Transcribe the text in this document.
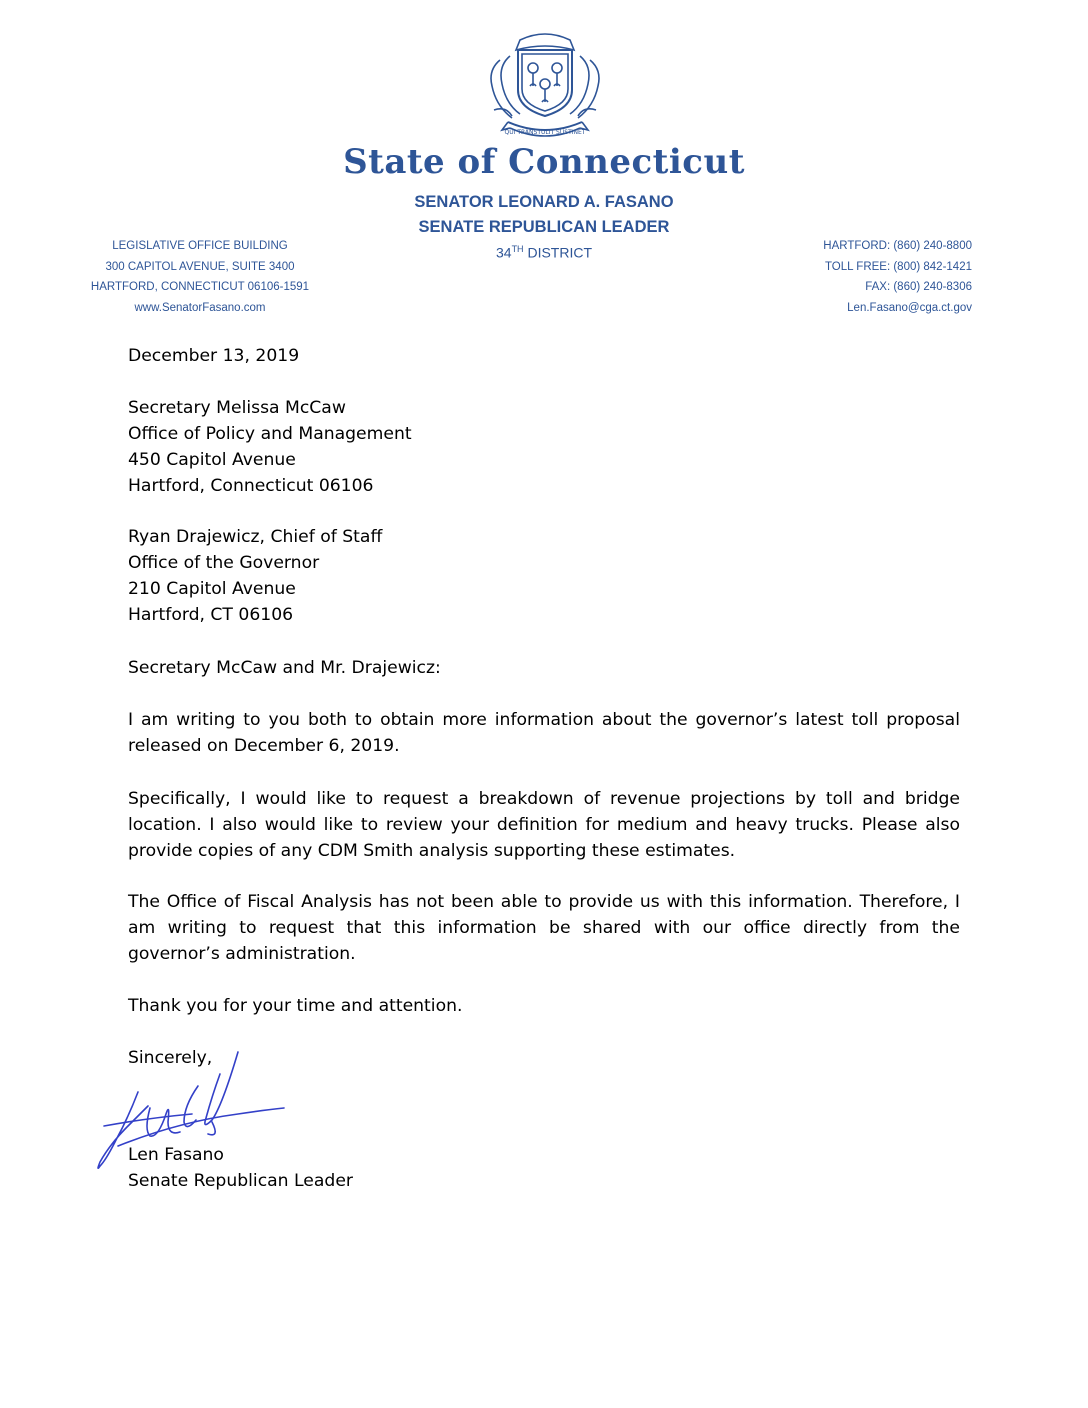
QUI TRANSTULIT SUSTINET
State of Connecticut
SENATOR LEONARD A. FASANO
SENATE REPUBLICAN LEADER
34TH DISTRICT
LEGISLATIVE OFFICE BUILDING
300 CAPITOL AVENUE, SUITE 3400
HARTFORD, CONNECTICUT 06106-1591
www.SenatorFasano.com
HARTFORD: (860) 240-8800
TOLL FREE: (800) 842-1421
FAX: (860) 240-8306
Len.Fasano@cga.ct.gov
December 13, 2019
Secretary Melissa McCaw
Office of Policy and Management
450 Capitol Avenue
Hartford, Connecticut 06106
Ryan Drajewicz, Chief of Staff
Office of the Governor
210 Capitol Avenue
Hartford, CT 06106
Secretary McCaw and Mr. Drajewicz:
I am writing to you both to obtain more information about the governor’s latest toll proposal released on December 6, 2019.
Specifically, I would like to request a breakdown of revenue projections by toll and bridge location. I also would like to review your definition for medium and heavy trucks. Please also provide copies of any CDM Smith analysis supporting these estimates.
The Office of Fiscal Analysis has not been able to provide us with this information. Therefore, I am writing to request that this information be shared with our office directly from the governor’s administration.
Thank you for your time and attention.
Sincerely,
Len Fasano
Senate Republican Leader
